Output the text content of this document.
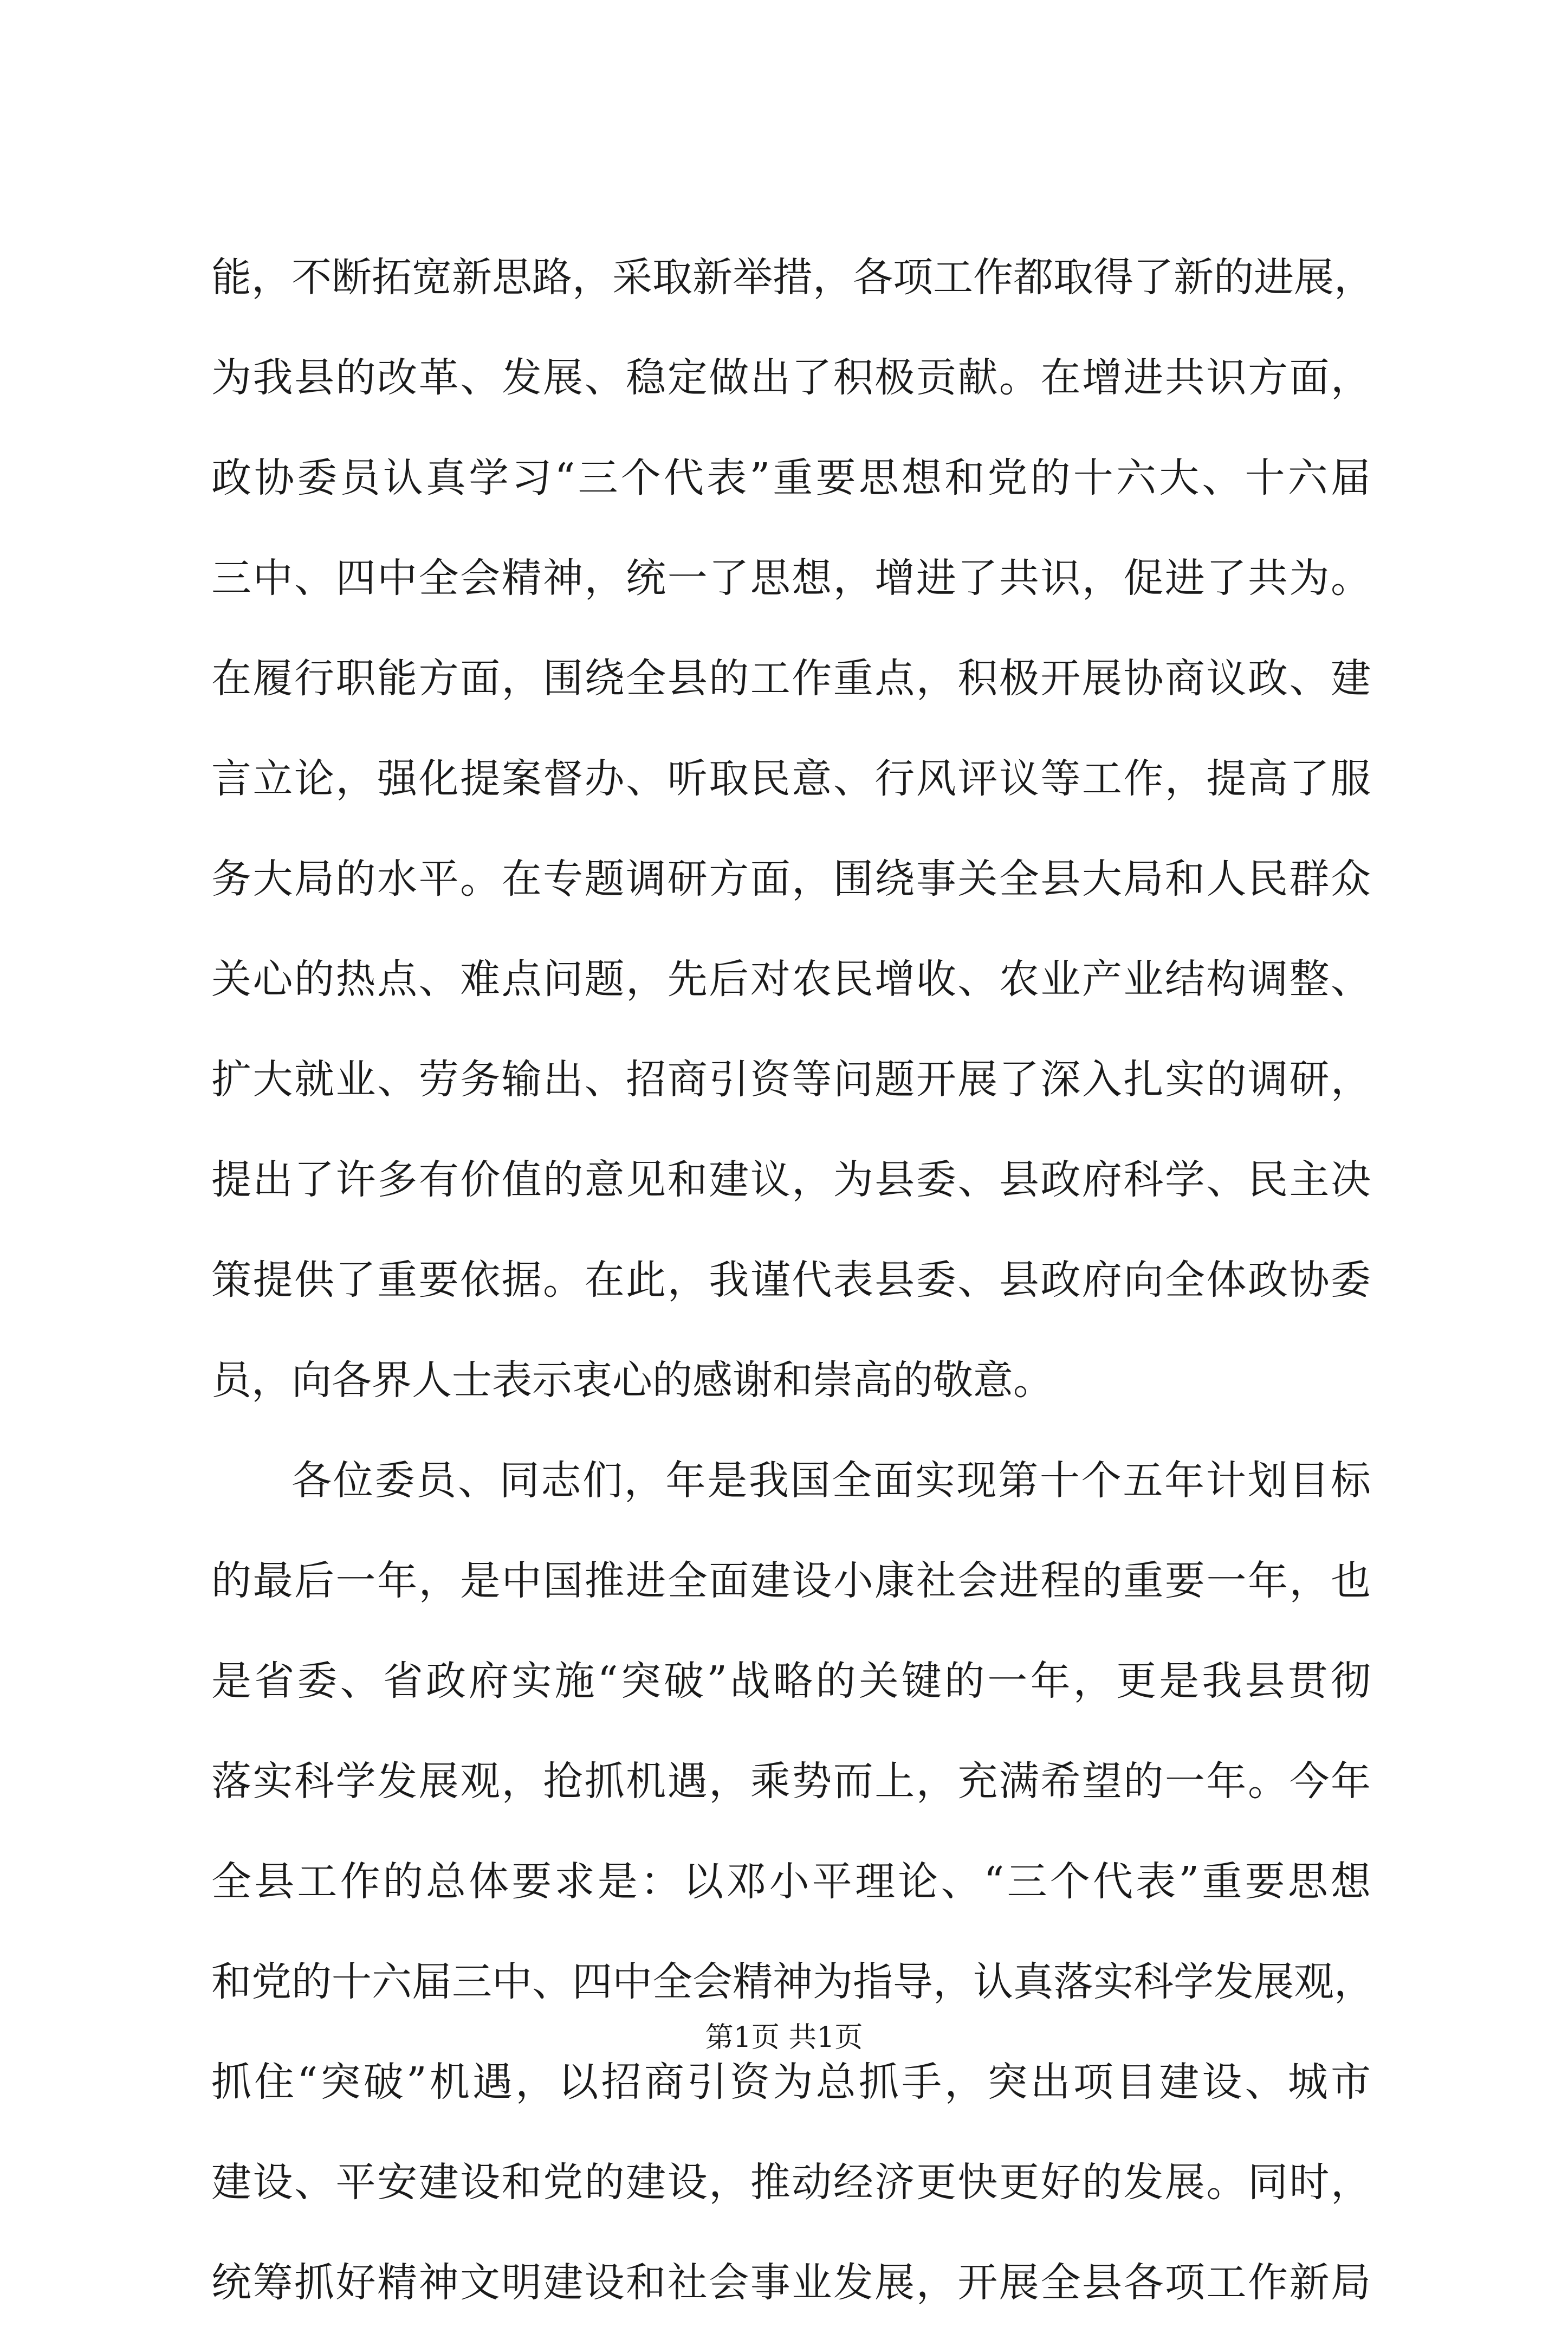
能，不断拓宽新思路，采取新举措，各项工作都取得了新的进展，
为我县的改革、发展、稳定做出了积极贡献。在增进共识方面，
政协委员认真学习“三个代表”重要思想和党的十六大、十六届
三中、四中全会精神，统一了思想，增进了共识，促进了共为。
在履行职能方面，围绕全县的工作重点，积极开展协商议政、建
言立论，强化提案督办、听取民意、行风评议等工作，提高了服
务大局的水平。在专题调研方面，围绕事关全县大局和人民群众
关心的热点、难点问题，先后对农民增收、农业产业结构调整、
扩大就业、劳务输出、招商引资等问题开展了深入扎实的调研，
提出了许多有价值的意见和建议，为县委、县政府科学、民主决
策提供了重要依据。在此，我谨代表县委、县政府向全体政协委
员，向各界人士表示衷心的感谢和崇高的敬意。
各位委员、同志们，年是我国全面实现第十个五年计划目标
的最后一年，是中国推进全面建设小康社会进程的重要一年，也
是省委、省政府实施“突破”战略的关键的一年，更是我县贯彻
落实科学发展观，抢抓机遇，乘势而上，充满希望的一年。今年
全县工作的总体要求是：以邓小平理论、“三个代表”重要思想
和党的十六届三中、四中全会精神为指导，认真落实科学发展观，
抓住“突破”机遇，以招商引资为总抓手，突出项目建设、城市
建设、平安建设和党的建设，推动经济更快更好的发展。同时，
统筹抓好精神文明建设和社会事业发展，开展全县各项工作新局
第1页 共1页
